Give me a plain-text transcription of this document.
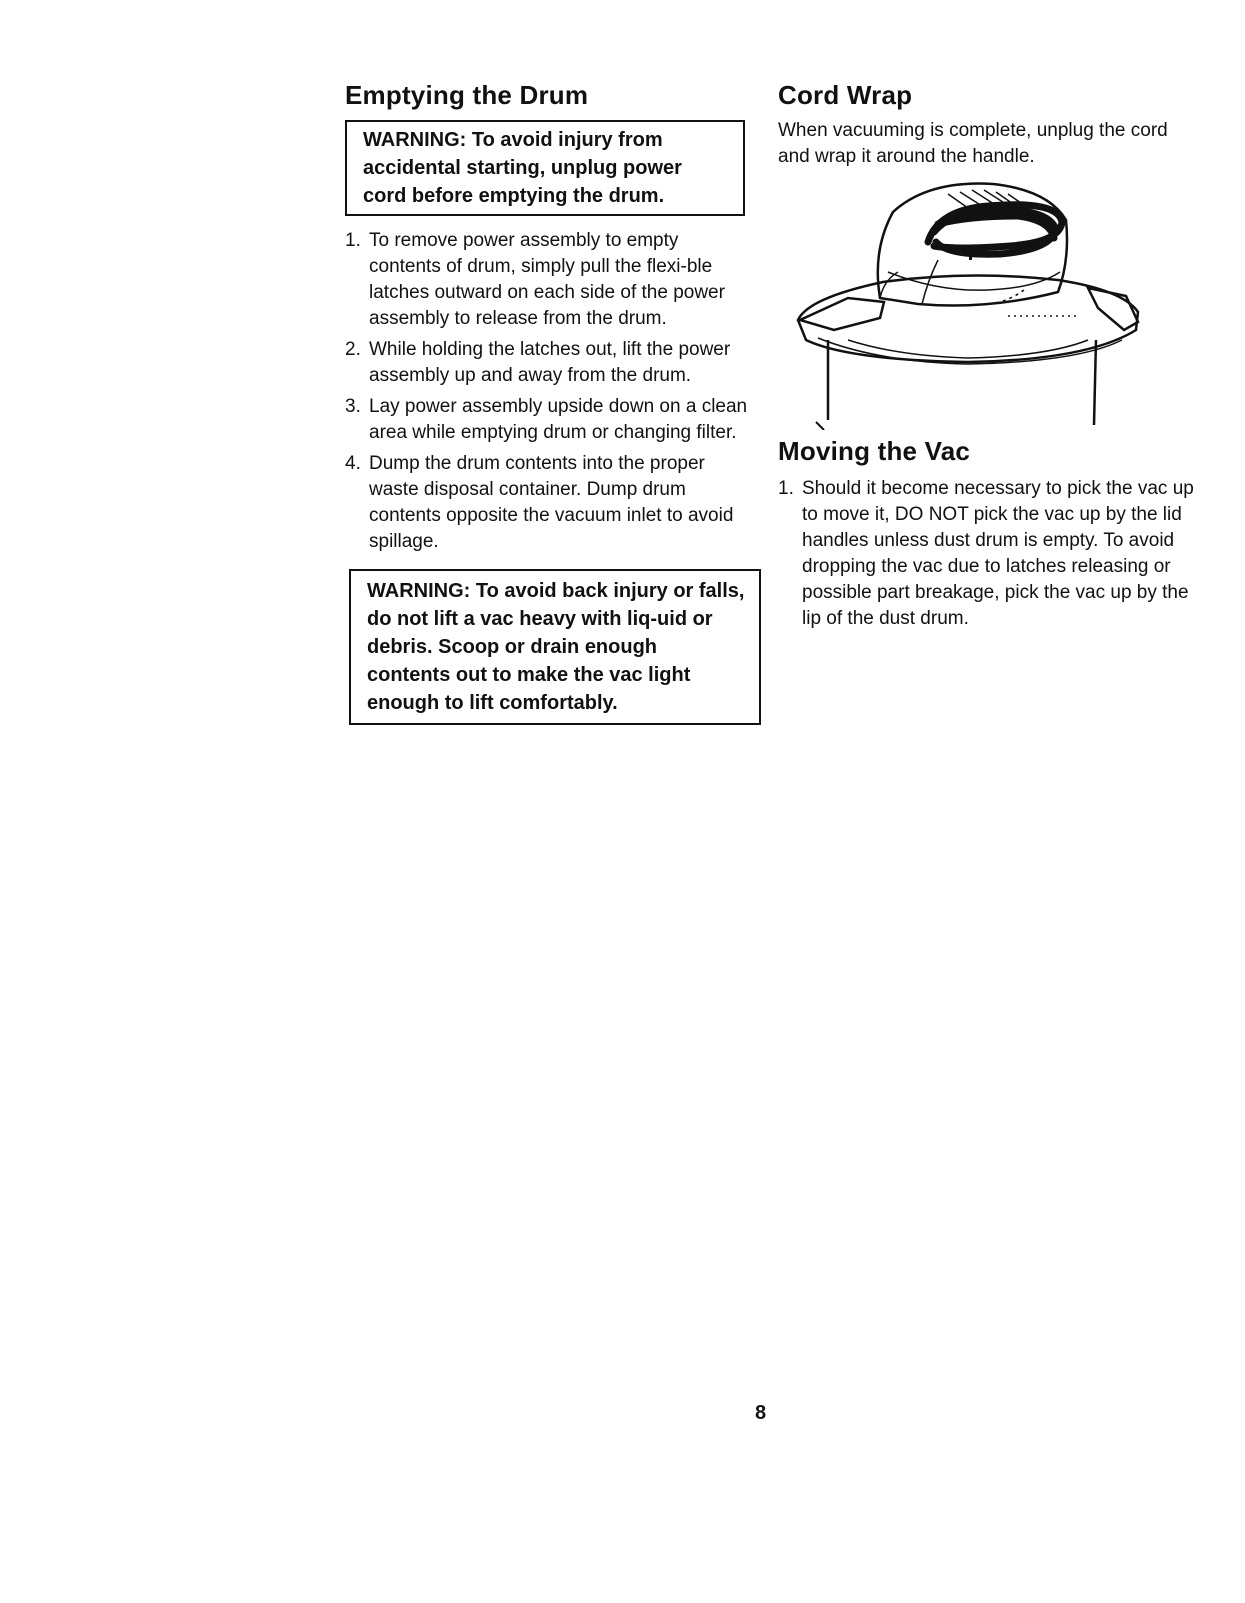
Emptying the Drum
WARNING: To avoid injury from accidental starting, unplug power cord before emptying the drum.
1. To remove power assembly to empty contents of drum, simply pull the flexi-ble latches outward on each side of the power assembly to release from the drum.
2. While holding the latches out, lift the power assembly up and away from the drum.
3. Lay power assembly upside down on a clean area while emptying drum or changing filter.
4. Dump the drum contents into the proper waste disposal container. Dump drum contents opposite the vacuum inlet to avoid spillage.
WARNING: To avoid back injury or falls, do not lift a vac heavy with liq-uid or debris. Scoop or drain enough contents out to make the vac light enough to lift comfortably.
Cord Wrap

When vacuuming is complete, unplug the cord and wrap it around the handle.

Moving the Vac
1. Should it become necessary to pick the vac up to move it, DO NOT pick the vac up by the lid handles unless dust drum is empty. To avoid dropping the vac due to latches releasing or possible part breakage, pick the vac up by the lip of the dust drum.
8
